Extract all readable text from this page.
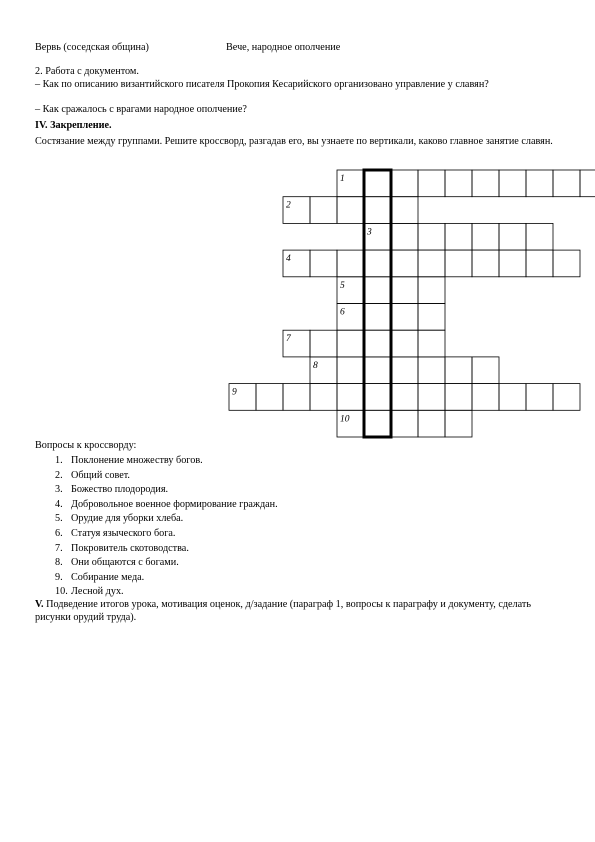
Вервь (соседская община)	Вече, народное ополчение
2. Работа с документом.
– Как по описанию византийского писателя Прокопия Кесарийского организовано управление у славян?
– Как сражалось с врагами народное ополчение?
IV. Закрепление.
Состязание между группами. Решите кроссворд, разгадав его, вы узнаете по вертикали, каково главное занятие славян.
1
2
3
4
5
6
7
8
9
10
Вопросы к кроссворду:
1. Поклонение множеству богов.
2. Общий совет.
3. Божество плодородия.
4. Добровольное военное формирование граждан.
5. Орудие для уборки хлеба.
6. Статуя языческого бога.
7. Покровитель скотоводства.
8. Они общаются с богами.
9. Собирание меда.
10. Лесной дух.
V. Подведение итогов урока, мотивация оценок, д/задание (параграф 1, вопросы к параграфу и документу, сделать рисунки орудий труда).
